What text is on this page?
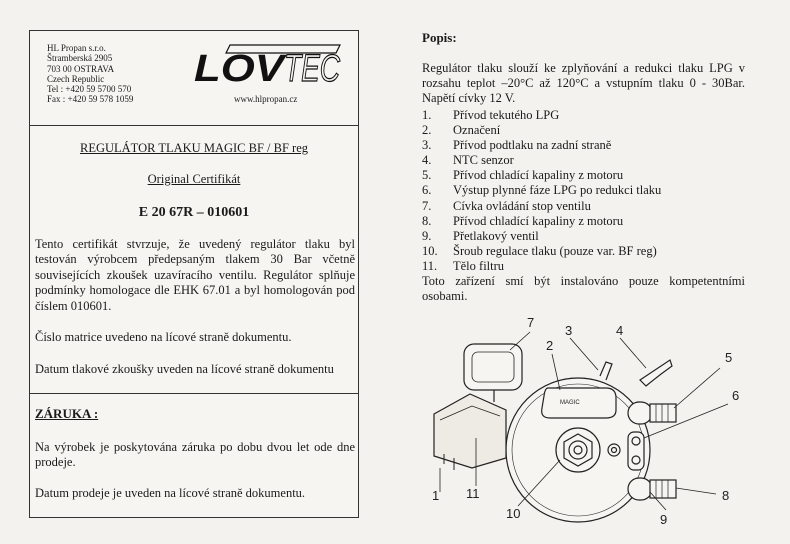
HL Propan s.r.o.
Štramberská 2905
703 00 OSTRAVA
Czech Republic
Tel : +420 59 5700 570
Fax : +420 59 578 1059
LOV
TEC
www.hlpropan.cz
REGULÁTOR TLAKU MAGIC BF / BF reg
Original Certifikát
E 20 67R – 010601
Tento certifikát stvrzuje, že uvedený regulátor tlaku byl testován výrobcem předepsaným tlakem 30 Bar včetně souvisejících zkoušek uzavíracího ventilu. Regulátor splňuje podmínky homologace dle EHK 67.01 a byl homologován pod číslem 010601.
Číslo matrice uvedeno na lícové straně dokumentu.
Datum tlakové zkoušky uveden na lícové straně dokumentu
ZÁRUKA :
Na výrobek je poskytována záruka po dobu dvou let ode dne prodeje.
Datum prodeje je uveden na lícové straně dokumentu.
Popis:
Regulátor tlaku slouží ke zplyňování a redukci tlaku LPG v rozsahu teplot –20°C až 120°C a vstupním tlaku 0 - 30Bar. Napětí cívky 12 V.
1. Přívod tekutého LPG
2. Označení
3. Přívod podtlaku na zadní straně
4. NTC senzor
5. Přívod chladící kapaliny z motoru
6. Výstup plynné fáze LPG po redukci tlaku
7. Cívka ovládání stop ventilu
8. Přívod chladící kapaliny z motoru
9. Přetlakový ventil
10. Šroub regulace tlaku (pouze var. BF reg)
11. Tělo filtru
Toto zařízení smí být instalováno pouze kompetentními osobami.
MAGIC
7
3	4
2
5
6
1 11
10	9
8
